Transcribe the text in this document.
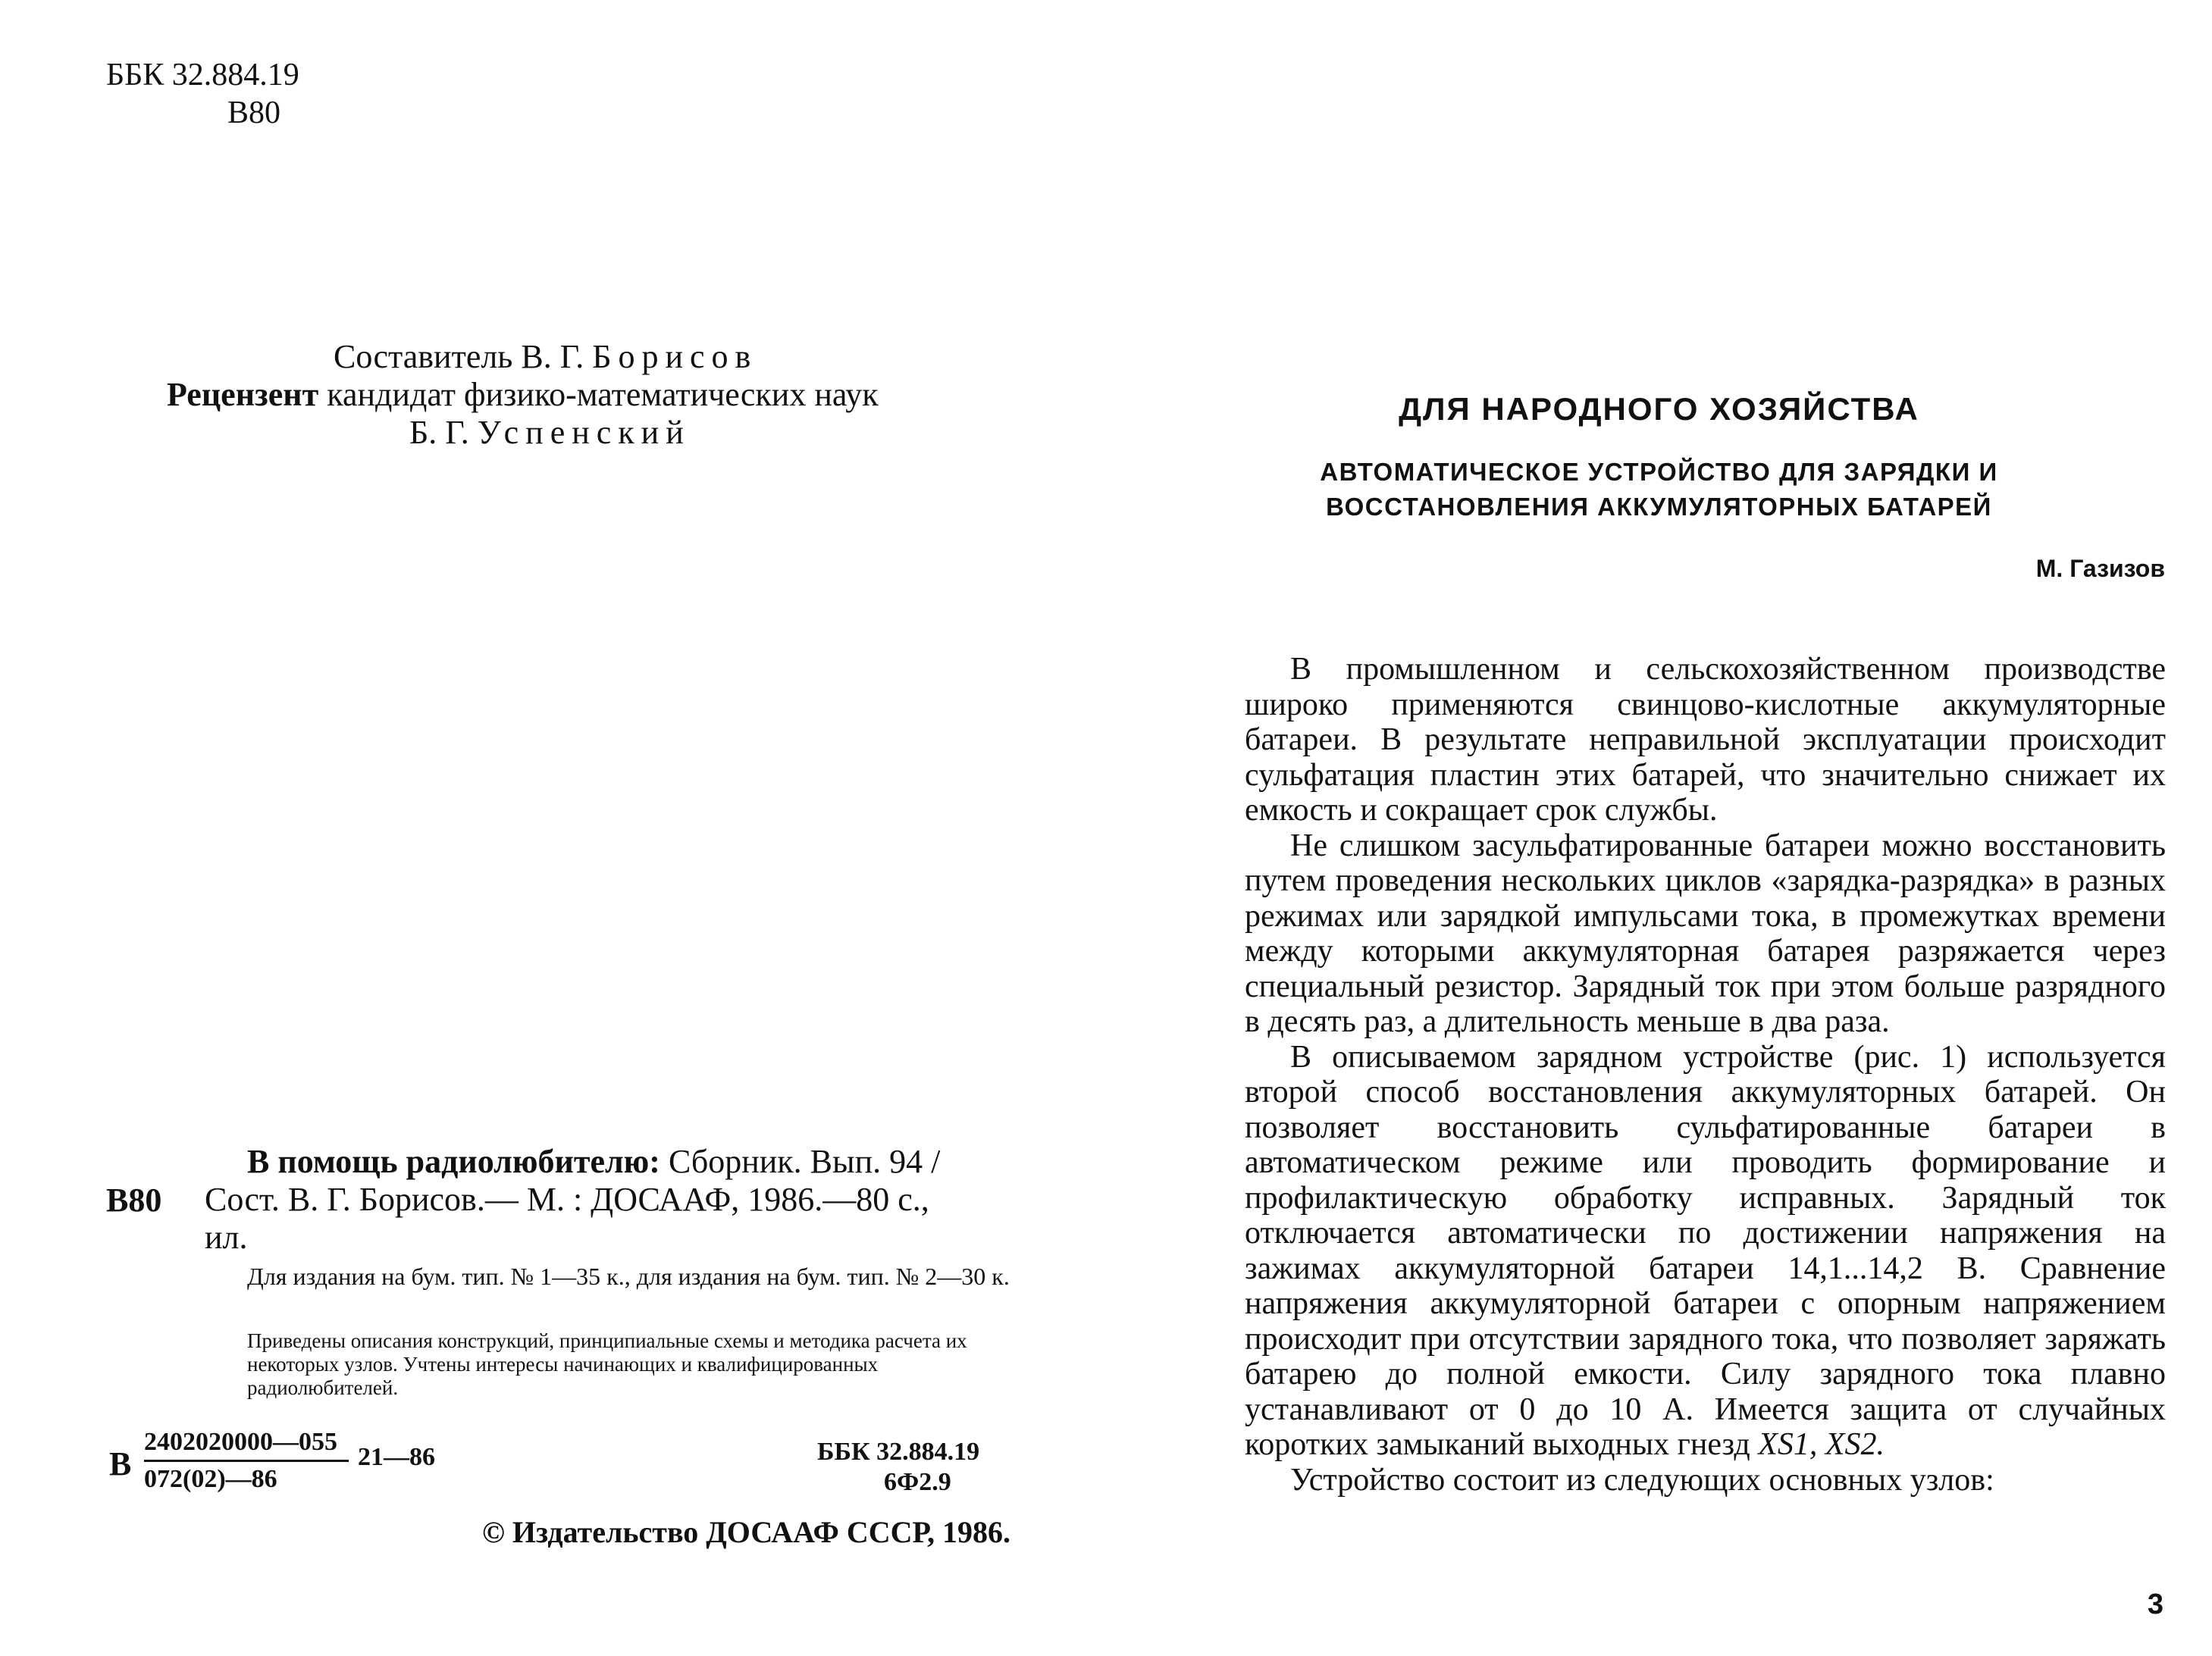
ББК 32.884.19
В80
Составитель В. Г. Борисов
Рецензент кандидат физико-математических наук
Б. Г. Успенский
В80
В помощь радиолюбителю: Сборник. Вып. 94 /
Сост. В. Г. Борисов.— М. : ДОСААФ, 1986.—80 с.,
ил.
Для издания на бум. тип. № 1—35 к., для издания на бум. тип. № 2—30 к.
Приведены описания конструкций, принципиальные схемы и методика расчета их некоторых узлов. Учтены интересы начинающих и квалифицированных радиолюбителей.
В $\frac{2402020000—055}{072(02)—86}$ 21—86	ББК 32.884.19
6Ф2.9
© Издательство ДОСААФ СССР, 1986.
ДЛЯ НАРОДНОГО ХОЗЯЙСТВА
АВТОМАТИЧЕСКОЕ УСТРОЙСТВО ДЛЯ ЗАРЯДКИ И
ВОССТАНОВЛЕНИЯ АККУМУЛЯТОРНЫХ БАТАРЕЙ
М. Газизов

В промышленном и сельскохозяйственном производстве широко применяются свинцово-кислотные аккумуляторные батареи. В результате неправильной эксплуатации происходит сульфатация пластин этих батарей, что значительно снижает их емкость и сокращает срок службы.

Не слишком засульфатированные батареи можно восстановить путем проведения нескольких циклов «зарядка-разрядка» в разных режимах или зарядкой импульсами тока, в промежутках времени между которыми аккумуляторная батарея разряжается через специальный резистор. Зарядный ток при этом больше разрядного в десять раз, а длительность меньше в два раза.

В описываемом зарядном устройстве (рис. 1) используется второй способ восстановления аккумуляторных батарей. Он позволяет восстановить сульфатированные батареи в автоматическом режиме или проводить формирование и профилактическую обработку исправных. Зарядный ток отключается автоматически по достижении напряжения на зажимах аккумуляторной батареи 14,1...14,2 В. Сравнение напряжения аккумуляторной батареи с опорным напряжением происходит при отсутствии зарядного тока, что позволяет заряжать батарею до полной емкости. Силу зарядного тока плавно устанавливают от 0 до 10 А. Имеется защита от случайных коротких замыканий выходных гнезд XS1, XS2.

Устройство состоит из следующих основных узлов:

3
